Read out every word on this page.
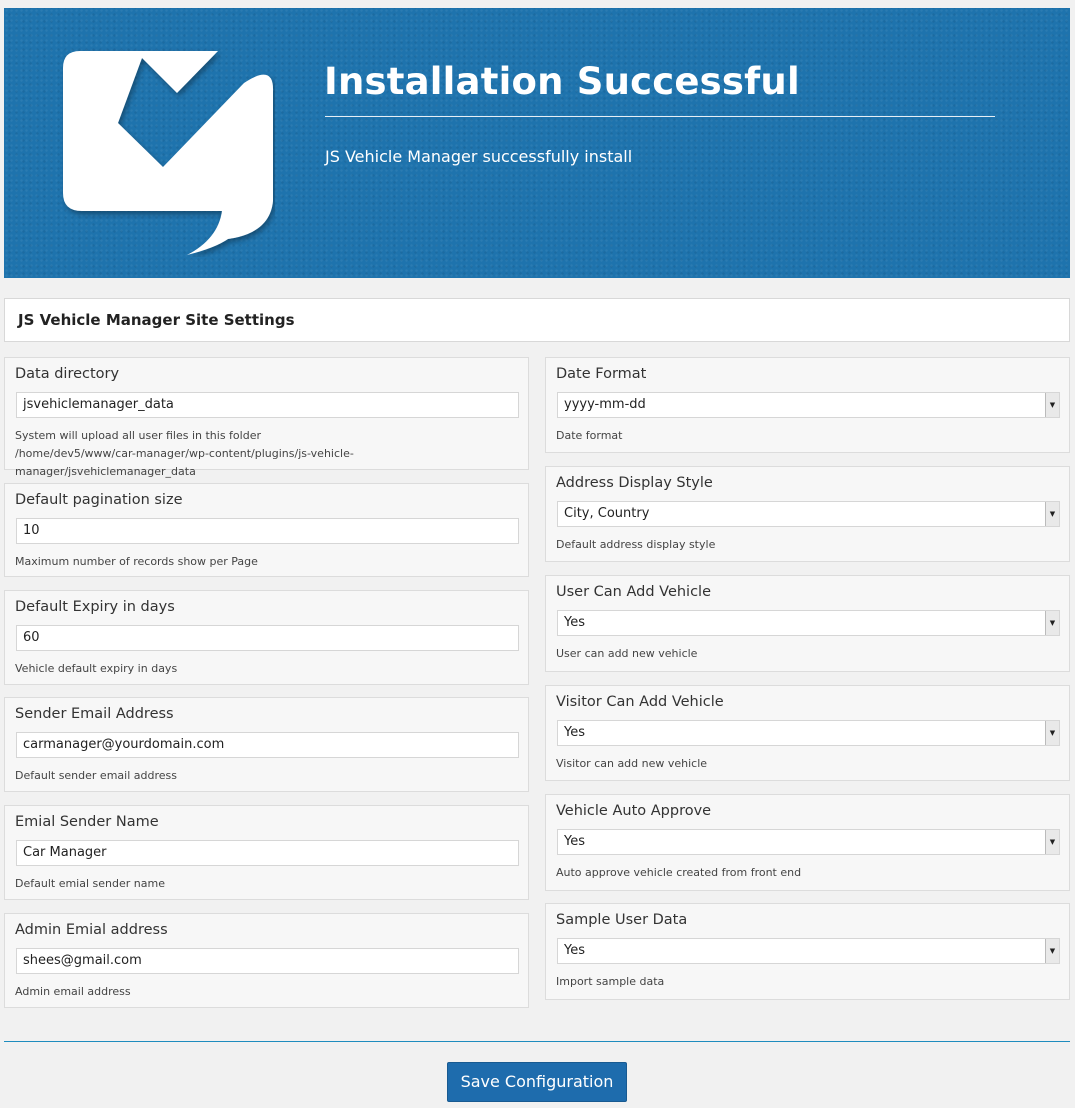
Installation Successful
JS Vehicle Manager successfully install
JS Vehicle Manager Site Settings
Data directory
jsvehiclemanager_data
System will upload all user files in this folder
/home/dev5/www/car-manager/wp-content/plugins/js-vehicle-manager/jsvehiclemanager_data
Default pagination size
10
Maximum number of records show per Page
Default Expiry in days
60
Vehicle default expiry in days
Sender Email Address
carmanager@yourdomain.com
Default sender email address
Emial Sender Name
Car Manager
Default emial sender name
Admin Emial address
shees@gmail.com
Admin email address
Date Format
yyyy-mm-dd	▼
Date format
Address Display Style
City, Country	▼
Default address display style
User Can Add Vehicle
Yes	▼
User can add new vehicle
Visitor Can Add Vehicle
Yes	▼
Visitor can add new vehicle
Vehicle Auto Approve
Yes	▼
Auto approve vehicle created from front end
Sample User Data
Yes	▼
Import sample data
Save Configuration
